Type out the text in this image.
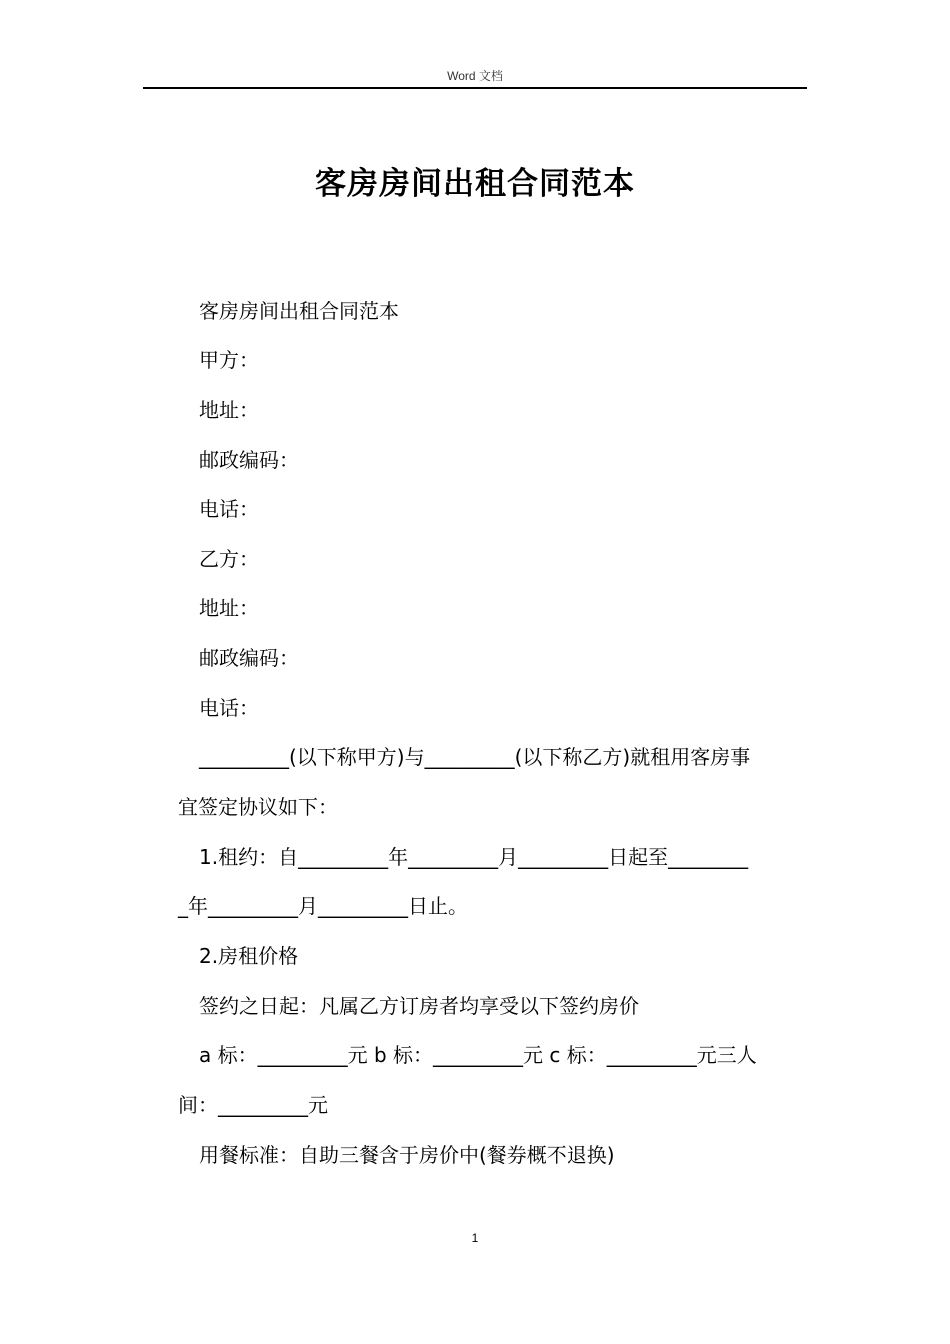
Word 文档
客房房间出租合同范本
客房房间出租合同范本
甲方：
地址：
邮政编码：
电话：
乙方：
地址：
邮政编码：
电话：
_________(以下称甲方)与_________(以下称乙方)就租用客房事
宜签定协议如下：
1.租约：自_________年_________月_________日起至________
_年_________月_________日止。
2.房租价格
签约之日起：凡属乙方订房者均享受以下签约房价
a 标：_________元 b 标：_________元 c 标：_________元三人
间：_________元
用餐标准：自助三餐含于房价中(餐券概不退换)
1
